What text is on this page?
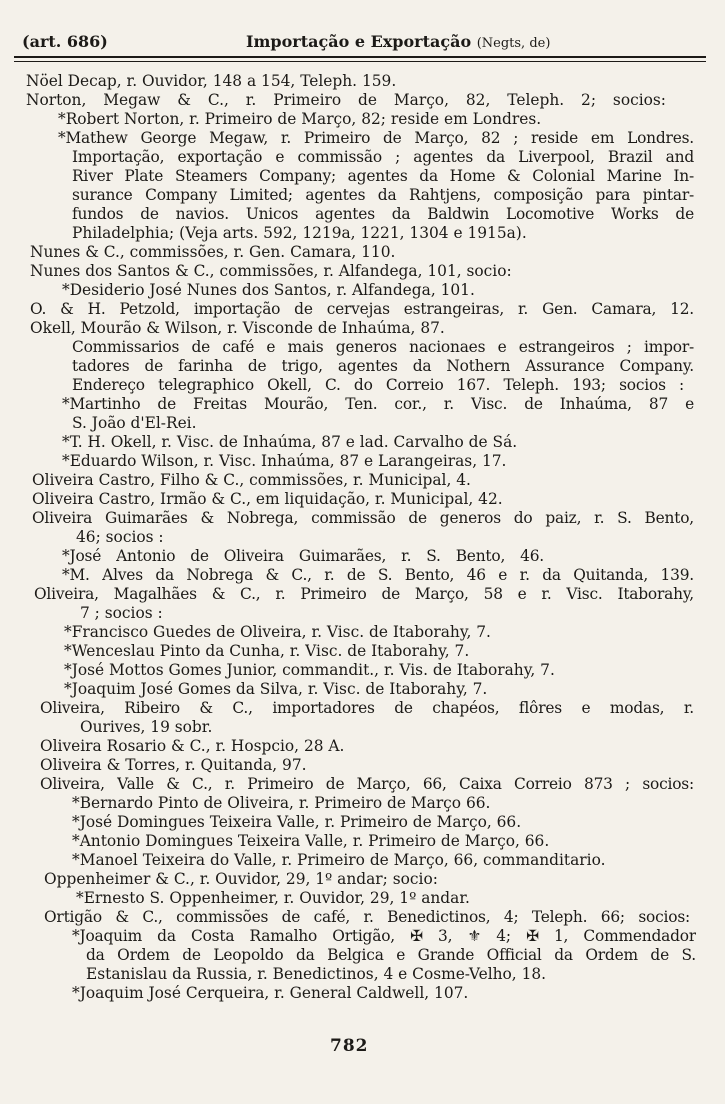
(art. 686)	Importação e Exportação (Negts, de)
Nöel Decap, r. Ouvidor, 148 a 154, Teleph. 159.
Norton, Megaw & C., r. Primeiro de Março, 82, Teleph. 2; socios:
*Robert Norton, r. Primeiro de Março, 82; reside em Londres.
*Mathew George Megaw, r. Primeiro de Março, 82 ; reside em Londres.
Importação, exportação e commissão ; agentes da Liverpool, Brazil and
River Plate Steamers Company; agentes da Home & Colonial Marine In-
surance Company Limited; agentes da Rahtjens, composição para pintar-
fundos de navios. Unicos agentes da Baldwin Locomotive Works de
Philadelphia; (Veja arts. 592, 1219a, 1221, 1304 e 1915a).
Nunes & C., commissões, r. Gen. Camara, 110.
Nunes dos Santos & C., commissões, r. Alfandega, 101, socio:
*Desiderio José Nunes dos Santos, r. Alfandega, 101.
O. & H. Petzold, importação de cervejas estrangeiras, r. Gen. Camara, 12.
Okell, Mourão & Wilson, r. Visconde de Inhaúma, 87.
Commissarios de café e mais generos nacionaes e estrangeiros ; impor-
tadores de farinha de trigo, agentes da Nothern Assurance Company.
Endereço telegraphico Okell, C. do Correio 167. Teleph. 193; socios :
*Martinho de Freitas Mourão, Ten. cor., r. Visc. de Inhaúma, 87 e
S. João d'El-Rei.
*T. H. Okell, r. Visc. de Inhaúma, 87 e lad. Carvalho de Sá.
*Eduardo Wilson, r. Visc. Inhaúma, 87 e Larangeiras, 17.
Oliveira Castro, Filho & C., commissões, r. Municipal, 4.
Oliveira Castro, Irmão & C., em liquidação, r. Municipal, 42.
Oliveira Guimarães & Nobrega, commissão de generos do paiz, r. S. Bento,
46; socios :
*José Antonio de Oliveira Guimarães, r. S. Bento, 46.
*M. Alves da Nobrega & C., r. de S. Bento, 46 e r. da Quitanda, 139.
Oliveira, Magalhães & C., r. Primeiro de Março, 58 e r. Visc. Itaborahy,
7 ; socios :
*Francisco Guedes de Oliveira, r. Visc. de Itaborahy, 7.
*Wenceslau Pinto da Cunha, r. Visc. de Itaborahy, 7.
*José Mottos Gomes Junior, commandit., r. Vis. de Itaborahy, 7.
*Joaquim José Gomes da Silva, r. Visc. de Itaborahy, 7.
Oliveira, Ribeiro & C., importadores de chapéos, flôres e modas, r.
Ourives, 19 sobr.
Oliveira Rosario & C., r. Hospcio, 28 A.
Oliveira & Torres, r. Quitanda, 97.
Oliveira, Valle & C., r. Primeiro de Março, 66, Caixa Correio 873 ; socios:
*Bernardo Pinto de Oliveira, r. Primeiro de Março 66.
*José Domingues Teixeira Valle, r. Primeiro de Março, 66.
*Antonio Domingues Teixeira Valle, r. Primeiro de Março, 66.
*Manoel Teixeira do Valle, r. Primeiro de Março, 66, commanditario.
Oppenheimer & C., r. Ouvidor, 29, 1º andar; socio:
*Ernesto S. Oppenheimer, r. Ouvidor, 29, 1º andar.
Ortigão & C., commissões de café, r. Benedictinos, 4; Teleph. 66; socios:
*Joaquim da Costa Ramalho Ortigão, ✠ 3, ⚜ 4; ✠ 1, Commendador
da Ordem de Leopoldo da Belgica e Grande Official da Ordem de S.
Estanislau da Russia, r. Benedictinos, 4 e Cosme-Velho, 18.
*Joaquim José Cerqueira, r. General Caldwell, 107.
782
